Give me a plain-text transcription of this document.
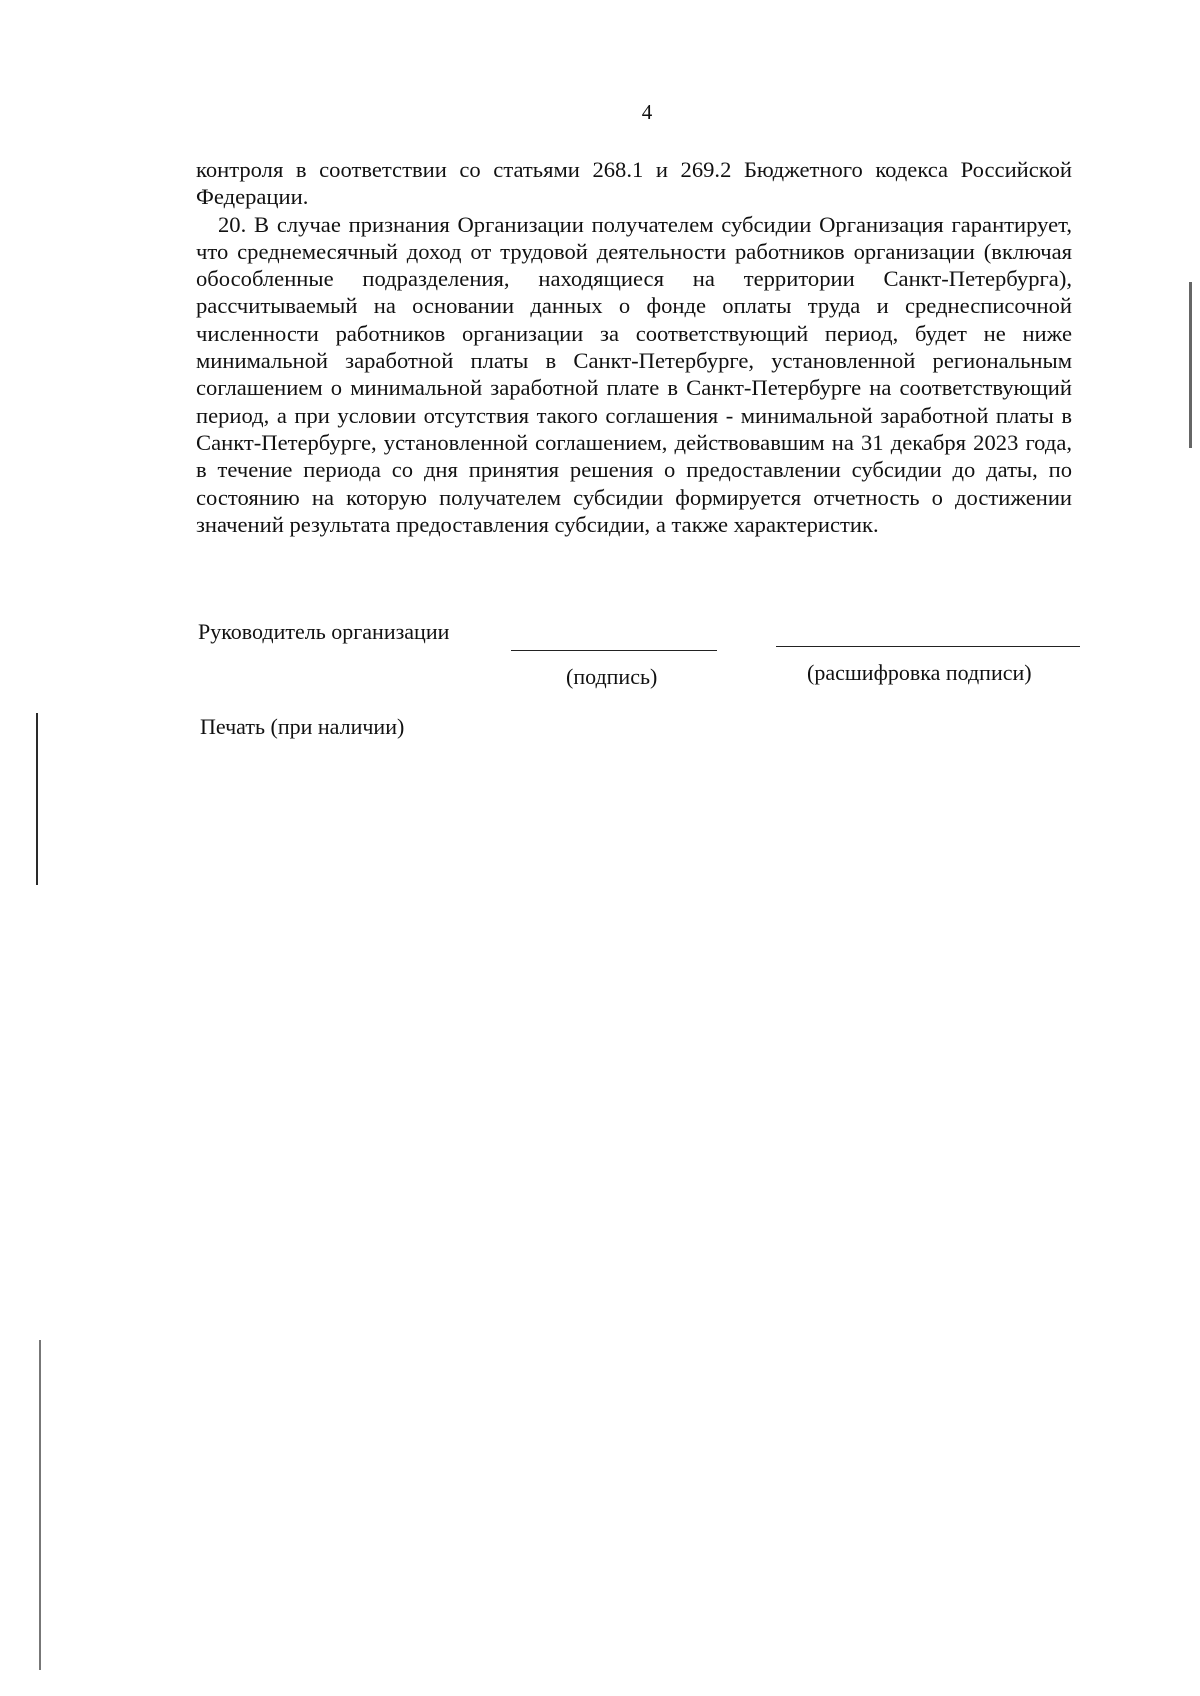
4

контроля в соответствии со статьями 268.1 и 269.2 Бюджетного кодекса Российской Федерации.

20. В случае признания Организации получателем субсидии Организация гарантирует, что среднемесячный доход от трудовой деятельности работников организации (включая обособленные подразделения, находящиеся на территории Санкт-Петербурга), рассчитываемый на основании данных о фонде оплаты труда и среднесписочной численности работников организации за соответствующий период, будет не ниже минимальной заработной платы в Санкт-Петербурге, установленной региональным соглашением о минимальной заработной плате в Санкт-Петербурге на соответствующий период, а при условии отсутствия такого соглашения - минимальной заработной платы в Санкт-Петербурге, установленной соглашением, действовавшим на 31 декабря 2023 года, в течение периода со дня принятия решения о предоставлении субсидии до даты, по состоянию на которую получателем субсидии формируется отчетность о достижении значений результата предоставления субсидии, а также характеристик.

Руководитель организации
(подпись)	(расшифровка подписи)
Печать (при наличии)
